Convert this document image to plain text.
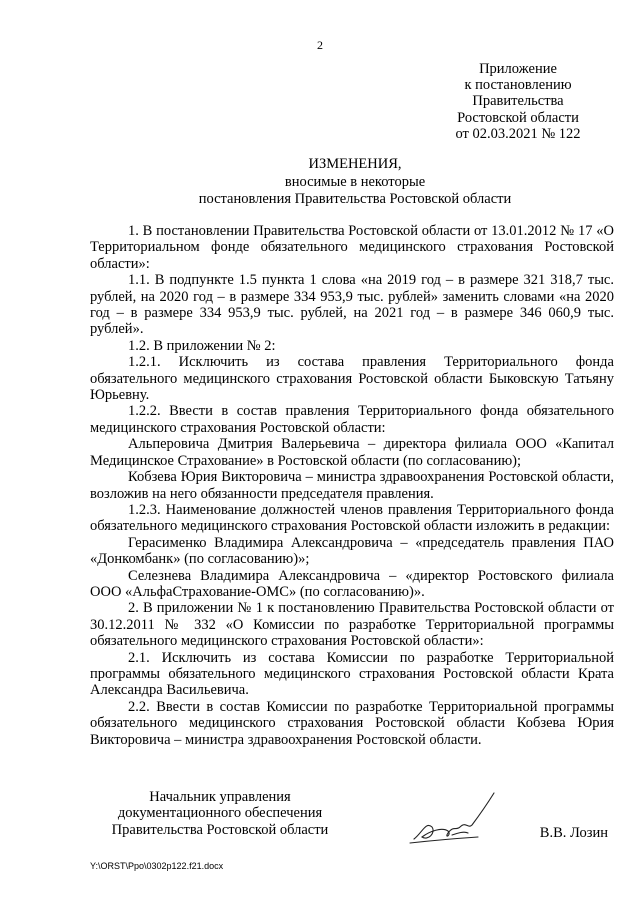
2
Приложение
к постановлению
Правительства
Ростовской области
от 02.03.2021 № 122
ИЗМЕНЕНИЯ,
вносимые в некоторые
постановления Правительства Ростовской области

1. В постановлении Правительства Ростовской области от 13.01.2012 № 17 «О Территориальном фонде обязательного медицинского страхования Ростовской области»:

1.1. В подпункте 1.5 пункта 1 слова «на 2019 год – в размере 321 318,7 тыс. рублей, на 2020 год – в размере 334 953,9 тыс. рублей» заменить словами «на 2020 год – в размере 334 953,9 тыс. рублей, на 2021 год – в размере 346 060,9 тыс. рублей».

1.2. В приложении № 2:

1.2.1. Исключить из состава правления Территориального фонда обязательного медицинского страхования Ростовской области Быковскую Татьяну Юрьевну.

1.2.2. Ввести в состав правления Территориального фонда обязательного медицинского страхования Ростовской области:

Альперовича Дмитрия Валерьевича – директора филиала ООО «Капитал Медицинское Страхование» в Ростовской области (по согласованию);

Кобзева Юрия Викторовича – министра здравоохранения Ростовской области, возложив на него обязанности председателя правления.

1.2.3. Наименование должностей членов правления Территориального фонда обязательного медицинского страхования Ростовской области изложить в редакции:

Герасименко Владимира Александровича – «председатель правления ПАО «Донкомбанк» (по согласованию)»;

Селезнева Владимира Александровича – «директор Ростовского филиала ООО «АльфаСтрахование-ОМС» (по согласованию)».

2. В приложении № 1 к постановлению Правительства Ростовской области от 30.12.2011 № 332 «О Комиссии по разработке Территориальной программы обязательного медицинского страхования Ростовской области»:

2.1. Исключить из состава Комиссии по разработке Территориальной программы обязательного медицинского страхования Ростовской области Крата Александра Васильевича.

2.2. Ввести в состав Комиссии по разработке Территориальной программы обязательного медицинского страхования Ростовской области Кобзева Юрия Викторовича – министра здравоохранения Ростовской области.

Начальник управления
документационного обеспечения
Правительства Ростовской области	В.В. Лозин
Y:\ORST\Ppo\0302p122.f21.docx
